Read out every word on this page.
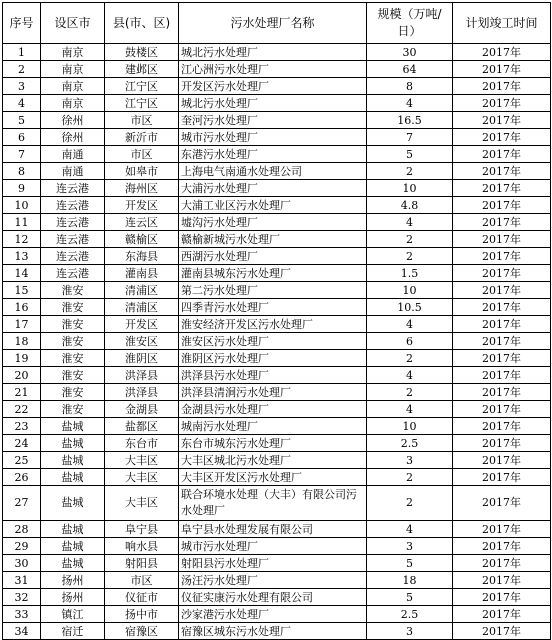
序号	设区市	县(市、区)	污水处理厂名称	规模（万吨/日）	计划竣工时间
1	南京	鼓楼区	城北污水处理厂	30	2017年
2	南京	建邺区	江心洲污水处理厂	64	2017年
3	南京	江宁区	开发区污水处理厂	8	2017年
4	南京	江宁区	城北污水处理厂	4	2017年
5	徐州	市区	奎河污水处理厂	16.5	2017年
6	徐州	新沂市	城市污水处理厂	7	2017年
7	南通	市区	东港污水处理厂	5	2017年
8	南通	如皋市	上海电气南通水处理公司	2	2017年
9	连云港	海州区	大浦污水处理厂	10	2017年
10	连云港	开发区	大浦工业区污水处理厂	4.8	2017年
11	连云港	连云区	墟沟污水处理厂	4	2017年
12	连云港	赣榆区	赣榆新城污水处理厂	2	2017年
13	连云港	东海县	西湖污水处理厂	2	2017年
14	连云港	灌南县	灌南县城东污水处理厂	1.5	2017年
15	淮安	清浦区	第二污水处理厂	10	2017年
16	淮安	清浦区	四季青污水处理厂	10.5	2017年
17	淮安	开发区	淮安经济开发区污水处理厂	4	2017年
18	淮安	淮安区	淮安区污水处理厂	6	2017年
19	淮安	淮阴区	淮阴区污水处理厂	2	2017年
20	淮安	洪泽县	洪泽县污水处理厂	4	2017年
21	淮安	洪泽县	洪泽县清涧污水处理厂	2	2017年
22	淮安	金湖县	金湖县污水处理厂	4	2017年
23	盐城	盐都区	城南污水处理厂	10	2017年
24	盐城	东台市	东台市城东污水处理厂	2.5	2017年
25	盐城	大丰区	大丰区城北污水处理厂	3	2017年
26	盐城	大丰区	大丰区开发区污水处理厂	2	2017年
27	盐城	大丰区	联合环境水处理（大丰）有限公司污水处理厂	2	2017年
28	盐城	阜宁县	阜宁县水处理发展有限公司	4	2017年
29	盐城	响水县	城市污水处理厂	3	2017年
30	盐城	射阳县	射阳县污水处理厂	5	2017年
31	扬州	市区	汤汪污水处理厂	18	2017年
32	扬州	仪征市	仪征实康污水处理有限公司	5	2017年
33	镇江	扬中市	沙家港污水处理厂	2.5	2017年
34	宿迁	宿豫区	宿豫区城东污水处理厂	3	2017年
